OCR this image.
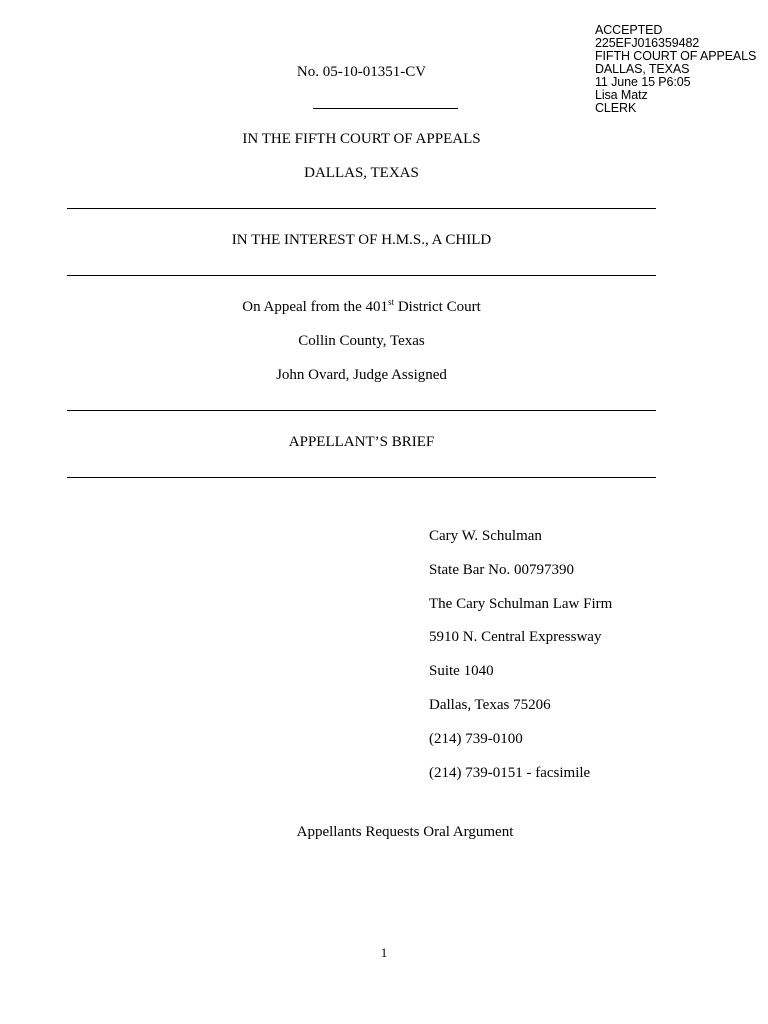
ACCEPTED
225EFJ016359482
FIFTH COURT OF APPEALS
DALLAS, TEXAS
11 June 15 P6:05
Lisa Matz
CLERK
No. 05-10-01351-CV
IN THE FIFTH COURT OF APPEALS
DALLAS, TEXAS
IN THE INTEREST OF H.M.S., A CHILD
On Appeal from the 401st District Court
Collin County, Texas
John Ovard, Judge Assigned
APPELLANT’S BRIEF
Cary W. Schulman
State Bar No. 00797390
The Cary Schulman Law Firm
5910 N. Central Expressway
Suite 1040
Dallas, Texas 75206
(214) 739-0100
(214) 739-0151 - facsimile
Appellants Requests Oral Argument
1
